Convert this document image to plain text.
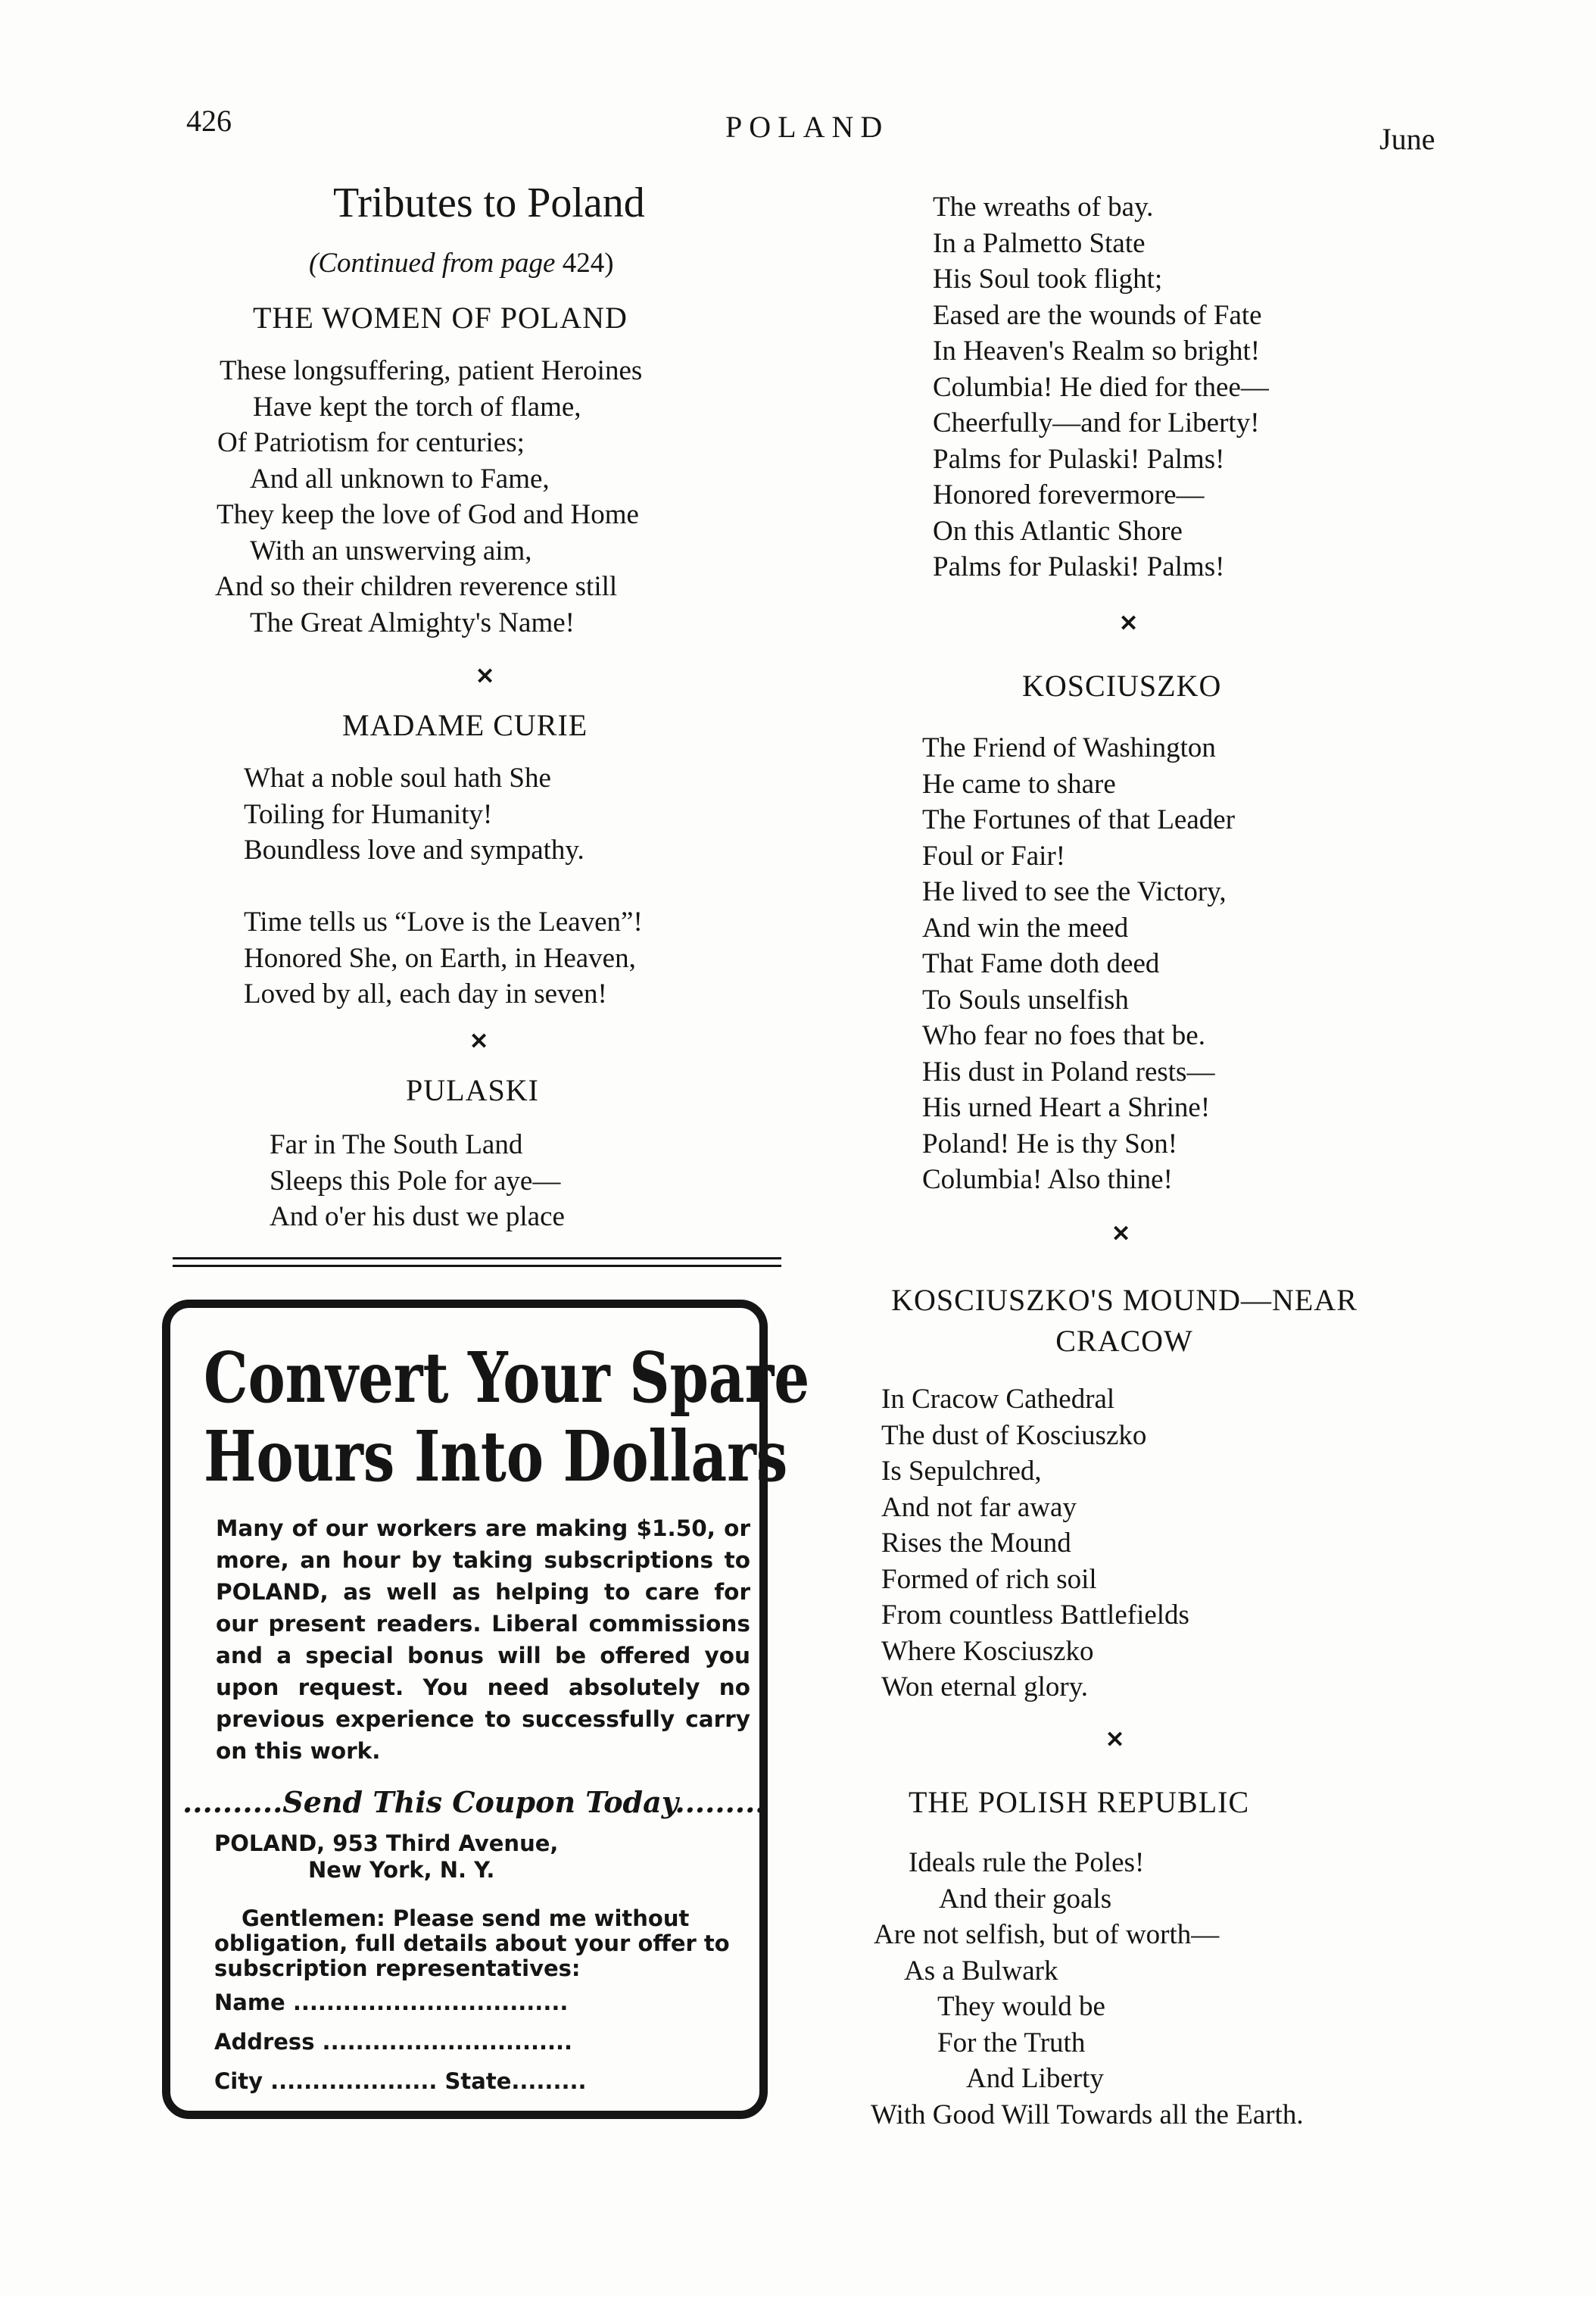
426	POLAND	June
Tributes to Poland
(Continued from page 424)
THE WOMEN OF POLAND
These longsuffering, patient Heroines
Have kept the torch of flame,
Of Patriotism for centuries;
And all unknown to Fame,
They keep the love of God and Home
With an unswerving aim,
And so their children reverence still
The Great Almighty's Name!
✕
MADAME CURIE
What a noble soul hath She
Toiling for Humanity!
Boundless love and sympathy.
Time tells us “Love is the Leaven”!
Honored She, on Earth, in Heaven,
Loved by all, each day in seven!
✕
PULASKI
Far in The South Land
Sleeps this Pole for aye—
And o'er his dust we place
Convert Your Spare
Hours Into Dollars

Many of our workers are making $1.50, or more, an hour by taking subscriptions to POLAND, as well as helping to care for our present readers. Liberal commissions and a special bonus will be offered you upon request. You need absolutely no previous experience to successfully carry on this work.

..........Send This Coupon Today.........
POLAND, 953 Third Avenue,
New York, N. Y.

Gentlemen: Please send me without obligation, full details about your offer to subscription representatives:

Name .................................
Address ..............................
City .................... State.........
The wreaths of bay.
In a Palmetto State
His Soul took flight;
Eased are the wounds of Fate
In Heaven's Realm so bright!
Columbia! He died for thee—
Cheerfully—and for Liberty!
Palms for Pulaski! Palms!
Honored forevermore—
On this Atlantic Shore
Palms for Pulaski! Palms!
✕
KOSCIUSZKO
The Friend of Washington
He came to share
The Fortunes of that Leader
Foul or Fair!
He lived to see the Victory,
And win the meed
That Fame doth deed
To Souls unselfish
Who fear no foes that be.
His dust in Poland rests—
His urned Heart a Shrine!
Poland! He is thy Son!
Columbia! Also thine!
✕
KOSCIUSZKO'S MOUND—NEAR
CRACOW
In Cracow Cathedral
The dust of Kosciuszko
Is Sepulchred,
And not far away
Rises the Mound
Formed of rich soil
From countless Battlefields
Where Kosciuszko
Won eternal glory.
✕
THE POLISH REPUBLIC
Ideals rule the Poles!
And their goals
Are not selfish, but of worth—
As a Bulwark
They would be
For the Truth
And Liberty
With Good Will Towards all the Earth.
